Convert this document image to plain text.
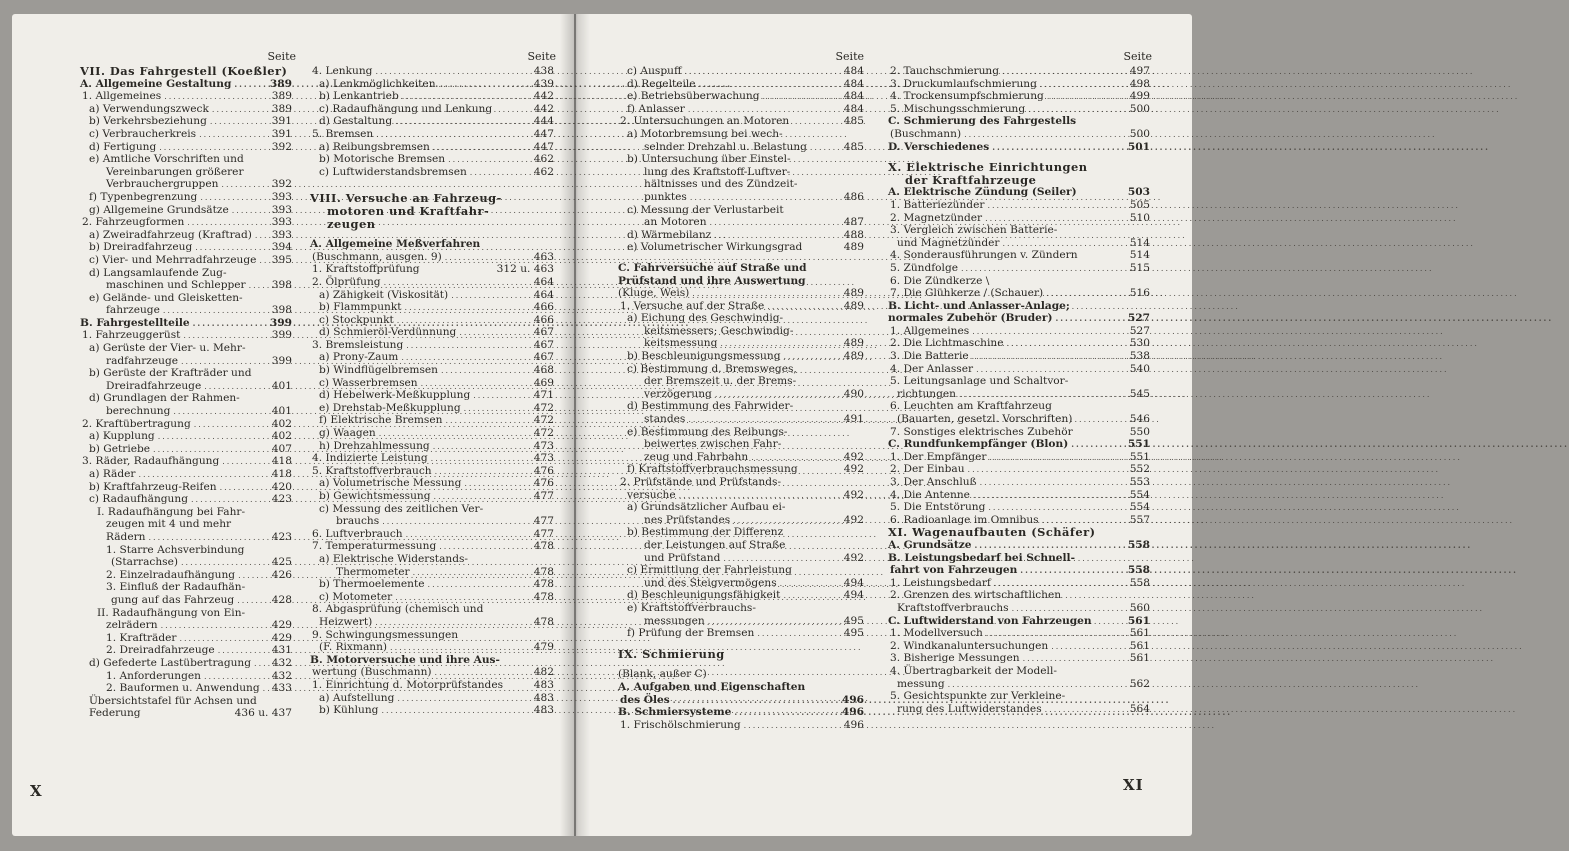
Seite
VII. Das Fahrgestell (Koeßler)
A. Allgemeine Gestaltung .....	389
1. Allgemeines .....	389
a) Verwendungszweck .....	389
b) Verkehrsbeziehung .....	391
c) Verbraucherkreis .....	391
d) Fertigung .....	392
e) Amtliche Vorschriften und
Vereinbarungen größerer
Verbrauchergruppen .....	392
f) Typenbegrenzung .....	393
g) Allgemeine Grundsätze .....	393
2. Fahrzeugformen .....	393
a) Zweiradfahrzeug (Kraftrad) ..... 393
b) Dreiradfahrzeug .....	394
c) Vier- und Mehrradfahrzeuge ..... 395
d) Langsamlaufende Zug-
maschinen und Schlepper ..... 398
e) Gelände- und Gleisketten-
fahrzeuge .....	398
B. Fahrgestellteile .....	399
1. Fahrzeuggerüst .....	399
a) Gerüste der Vier- u. Mehr-
radfahrzeuge .....	399
b) Gerüste der Krafträder und
Dreiradfahrzeuge .....	401
d) Grundlagen der Rahmen-
berechnung .....	401
2. Kraftübertragung .....	402
a) Kupplung .....	402
b) Getriebe .....	407
3. Räder, Radaufhängung .....	418
a) Räder .....	418
b) Kraftfahrzeug-Reifen .....	420
c) Radaufhängung .....	423
I. Radaufhängung bei Fahr-
zeugen mit 4 und mehr
Rädern .....	423
1. Starre Achsverbindung
(Starrachse) .....	425
2. Einzelradaufhängung .....	426
3. Einfluß der Radaufhän-
gung auf das Fahrzeug .....	428
II. Radaufhängung von Ein-
zelrädern .....	429
1. Krafträder .....	429
2. Dreiradfahrzeuge .....	431
d) Gefederte Lastübertragung ..... 432
1. Anforderungen .....	432
2. Bauformen u. Anwendung ..... 433
Übersichtstafel für Achsen und
Federung	436 u. 437
Seite
4. Lenkung .....	438
a) Lenkmöglichkeiten .....	439
b) Lenkantrieb .....	442
c) Radaufhängung und Lenkung	442
d) Gestaltung .....	444
5. Bremsen .....	447
a) Reibungsbremsen .....	447
b) Motorische Bremsen .....	462
c) Luftwiderstandsbremsen .....	462
VIII. Versuche an Fahrzeug-
motoren und Kraftfahr-
zeugen
A. Allgemeine Meßverfahren
(Buschmann, ausgen. 9) .....	463
1. Kraftstoffprüfung	312 u. 463
2. Ölprüfung .....	464
a) Zähigkeit (Viskosität) .....	464
b) Flammpunkt .....	466
c) Stockpunkt .....	466
d) Schmieröl-Verdünnung .....	467
3. Bremsleistung .....	467
a) Prony-Zaum .....	467
b) Windflügelbremsen .....	468
c) Wasserbremsen .....	469
d) Hebelwerk-Meßkupplung .....	471
e) Drehstab-Meßkupplung .....	472
f) Elektrische Bremsen .....	472
g) Waagen .....	472
h) Drehzahlmessung .....	473
4. Indizierte Leistung .....	473
5. Kraftstoffverbrauch .....	476
a) Volumetrische Messung .....	476
b) Gewichtsmessung .....	477
c) Messung des zeitlichen Ver-
brauchs .....	477
6. Luftverbrauch .....	477
7. Temperaturmessung .....	478
a) Elektrische Widerstands-
Thermometer .....	478
b) Thermoelemente .....	478
c) Motometer .....	478
8. Abgasprüfung (chemisch und
Heizwert) .....	478
9. Schwingungsmessungen
(F. Rixmann) .....	479
B. Motorversuche und ihre Aus-
wertung (Buschmann) .....	482
1. Einrichtung d. Motorprüfstandes	483
a) Aufstellung .....	483
b) Kühlung .....	483
Seite
c) Auspuff .....	484
d) Regelteile .....	484
e) Betriebsüberwachung .....	484
f) Anlasser .....	484
2. Untersuchungen an Motoren	485
a) Motorbremsung bei wech-
selnder Drehzahl u. Belastung	485
b) Untersuchung über Einstel-
lung des Kraftstoff-Luftver-
hältnisses und des Zündzeit-
punktes .....	486
c) Messung der Verlustarbeit
an Motoren .....	487
d) Wärmebilanz .....	488
e) Volumetrischer Wirkungsgrad	489
C. Fahrversuche auf Straße und
Prüfstand und ihre Auswertung
(Kluge, Weis) .....	489
1. Versuche auf der Straße .....	489
a) Eichung des Geschwindig-
keitsmessers; Geschwindig-
keitsmessung .....	489
b) Beschleunigungsmessung .....	489
c) Bestimmung d. Bremsweges,
der Bremszeit u. der Brems-
verzögerung .....	490
d) Bestimmung des Fahrwider-
standes .....	491
e) Bestimmung des Reibungs-
beiwertes zwischen Fahr-
zeug und Fahrbahn .....	492
f) Kraftstoffverbrauchsmessung	492
2. Prüfstände und Prüfstands-
versuche .....	492
a) Grundsätzlicher Aufbau ei-
nes Prüfstandes .....	492
b) Bestimmung der Differenz
der Leistungen auf Straße
und Prüfstand .....	492
c) Ermittlung der Fahrleistung
und des Steigvermögens .....	494
d) Beschleunigungsfähigkeit .....	494
e) Kraftstoffverbrauchs-
messungen .....	495
f) Prüfung der Bremsen .....	495
IX. Schmierung
(Blank, außer C)
A. Aufgaben und Eigenschaften
des Öles .....	496
B. Schmiersysteme .....	496
1. Frischölschmierung .....	496
Seite
2. Tauchschmierung .....	497
3. Druckumlaufschmierung .....	498
4. Trockensumpfschmierung .....	499
5. Mischungsschmierung .....	500
C. Schmierung des Fahrgestells
(Buschmann) .....	500
D. Verschiedenes .....	501
X. Elektrische Einrichtungen
der Kraftfahrzeuge
A. Elektrische Zündung (Seiler)	503
1. Batteriezünder .....	505
2. Magnetzünder .....	510
3. Vergleich zwischen Batterie-
und Magnetzünder .....	514
4. Sonderausführungen v. Zündern	514
5. Zündfolge .....	515
6. Die Zündkerze \
7. Die Glühkerze / (Schauer) .....	516
B. Licht- und Anlasser-Anlage;
normales Zubehör (Bruder) .....	527
1. Allgemeines .....	527
2. Die Lichtmaschine .....	530
3. Die Batterie .....	538
4. Der Anlasser .....	540
5. Leitungsanlage und Schaltvor-
richtungen .....	545
6. Leuchten am Kraftfahrzeug
(Bauarten, gesetzl. Vorschriften)	546
7. Sonstiges elektrisches Zubehör	550
C. Rundfunkempfänger (Blon) .....	551
1. Der Empfänger .....	551
2. Der Einbau .....	552
3. Der Anschluß .....	553
4. Die Antenne .....	554
5. Die Entstörung .....	554
6. Radioanlage im Omnibus .....	557
XI. Wagenaufbauten (Schäfer)
A. Grundsätze .....	558
B. Leistungsbedarf bei Schnell-
fahrt von Fahrzeugen .....	558
1. Leistungsbedarf .....	558
2. Grenzen des wirtschaftlichen
Kraftstoffverbrauchs .....	560
C. Luftwiderstand von Fahrzeugen	561
1. Modellversuch .....	561
2. Windkanaluntersuchungen .....	561
3. Bisherige Messungen .....	561
4. Übertragbarkeit der Modell-
messung .....	562
5. Gesichtspunkte zur Verkleine-
rung des Luftwiderstandes .....	564
X	XI
